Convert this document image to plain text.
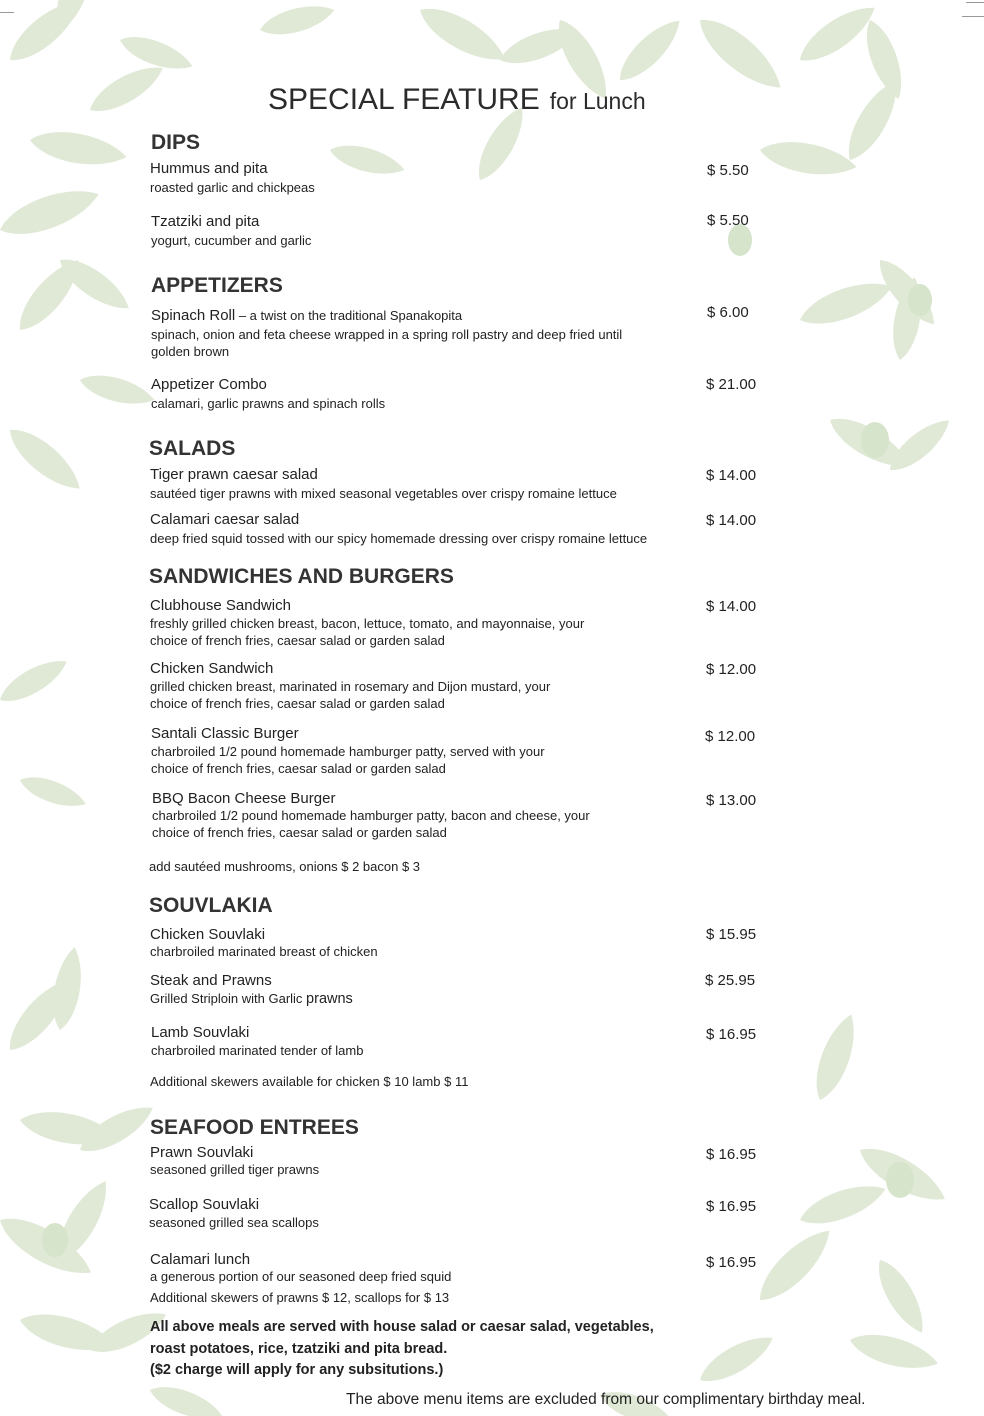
SPECIAL FEATURE for Lunch
DIPS
Hummus and pita
roasted garlic and chickpeas
$ 5.50
Tzatziki and pita
yogurt, cucumber and garlic
$ 5.50
APPETIZERS
Spinach Roll – a twist on the traditional Spanakopita
spinach, onion and feta cheese wrapped in a spring roll pastry and deep fried until golden brown
$ 6.00
Appetizer Combo
calamari, garlic prawns and spinach rolls
$ 21.00
SALADS
Tiger prawn caesar salad
sautéed tiger prawns with mixed seasonal vegetables over crispy romaine lettuce
$ 14.00
Calamari caesar salad
deep fried squid tossed with our spicy homemade dressing over crispy romaine lettuce
$ 14.00
SANDWICHES AND BURGERS
Clubhouse Sandwich
freshly grilled chicken breast, bacon, lettuce, tomato, and mayonnaise, your choice of french fries, caesar salad or garden salad
$ 14.00
Chicken Sandwich
grilled chicken breast, marinated in rosemary and Dijon mustard, your choice of french fries, caesar salad or garden salad
$ 12.00
Santali Classic Burger
charbroiled 1/2 pound homemade hamburger patty, served with your choice of french fries, caesar salad or garden salad
$ 12.00
BBQ Bacon Cheese Burger
charbroiled 1/2 pound homemade hamburger patty, bacon and cheese, your choice of french fries, caesar salad or garden salad
$ 13.00
add sautéed mushrooms, onions $ 2 bacon $ 3
SOUVLAKIA
Chicken Souvlaki
charbroiled marinated breast of chicken
$ 15.95
Steak and Prawns
Grilled Striploin with Garlic prawns
$ 25.95
Lamb Souvlaki
charbroiled marinated tender of lamb
$ 16.95
Additional skewers available for chicken $ 10 lamb $ 11
SEAFOOD ENTREES
Prawn Souvlaki
seasoned grilled tiger prawns
$ 16.95
Scallop Souvlaki
seasoned grilled sea scallops
$ 16.95
Calamari lunch
a generous portion of our seasoned deep fried squid
$ 16.95
Additional skewers of prawns $ 12, scallops for $ 13
All above meals are served with house salad or caesar salad, vegetables,
roast potatoes, rice, tzatziki and pita bread.
($2 charge will apply for any subsitutions.)
The above menu items are excluded from our complimentary birthday meal.
